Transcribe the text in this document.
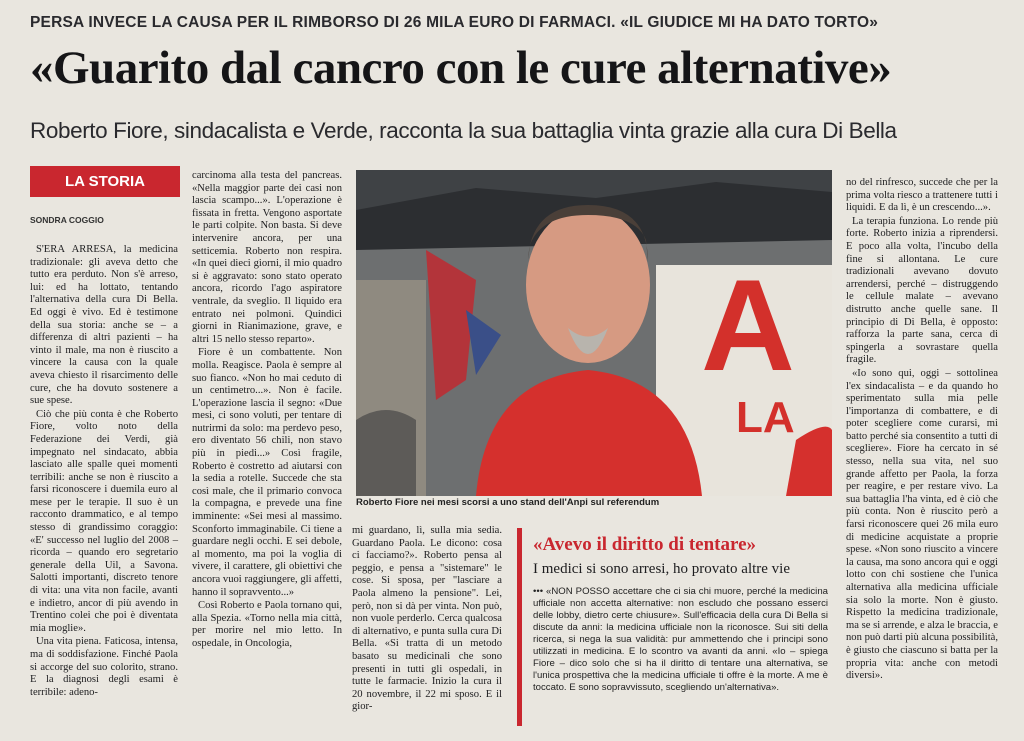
PERSA INVECE LA CAUSA PER IL RIMBORSO DI 26 MILA EURO DI FARMACI. «IL GIUDICE MI HA DATO TORTO»
«Guarito dal cancro con le cure alternative»
Roberto Fiore, sindacalista e Verde, racconta la sua battaglia vinta grazie alla cura Di Bella
LA STORIA
SONDRA COGGIO

S'ERA ARRESA, la medicina tradizionale: gli aveva detto che tutto era perduto. Non s'è arreso, lui: ed ha lottato, tentando l'alternativa della cura Di Bella. Ed oggi è vivo. Ed è testimone della sua storia: anche se – a differenza di altri pazienti – ha vinto il male, ma non è riuscito a vincere la causa con la quale aveva chiesto il risarcimento delle cure, che ha dovuto sostenere a sue spese.

Ciò che più conta è che Roberto Fiore, volto noto della Federazione dei Verdi, già impegnato nel sindacato, abbia lasciato alle spalle quei momenti terribili: anche se non è riuscito a farsi riconoscere i duemila euro al mese per le terapie. Il suo è un racconto drammatico, e al tempo stesso di grandissimo coraggio: «E' successo nel luglio del 2008 – ricorda – quando ero segretario generale della Uil, a Savona. Salotti importanti, discreto tenore di vita: una vita non facile, avanti e indietro, ancor di più avendo in Trentino colei che poi è diventata mia moglie».

Una vita piena. Faticosa, intensa, ma di soddisfazione. Finché Paola si accorge del suo colorito, strano. E la diagnosi degli esami è terribile: adeno-

carcinoma alla testa del pancreas. «Nella maggior parte dei casi non lascia scampo...». L'operazione è fissata in fretta. Vengono asportate le parti colpite. Non basta. Si deve intervenire ancora, per una setticemia. Roberto non respira. «In quei dieci giorni, il mio quadro si è aggravato: sono stato operato ancora, ricordo l'ago aspiratore ventrale, da sveglio. Il liquido era entrato nei polmoni. Quindici giorni in Rianimazione, grave, e altri 15 nello stesso reparto».

Fiore è un combattente. Non molla. Reagisce. Paola è sempre al suo fianco. «Non ho mai ceduto di un centimetro...». Non è facile. L'operazione lascia il segno: «Due mesi, ci sono voluti, per tentare di nutrirmi da solo: ma perdevo peso, ero diventato 56 chili, non stavo più in piedi...» Così fragile, Roberto è costretto ad aiutarsi con la sedia a rotelle. Succede che sta così male, che il primario convoca la compagna, e prevede una fine imminente: «Sei mesi al massimo. Sconforto immaginabile. Ci tiene a guardare negli occhi. E sei debole, al momento, ma poi la voglia di vivere, il carattere, gli obiettivi che ancora vuoi raggiungere, gli affetti, hanno il sopravvento...»

Così Roberto e Paola tornano qui, alla Spezia. «Torno nella mia città, per morire nel mio letto. In ospedale, in Oncologia,

A
LA
Roberto Fiore nei mesi scorsi a uno stand dell'Anpi sul referendum

mi guardano, lì, sulla mia sedia. Guardano Paola. Le dicono: cosa ci facciamo?». Roberto pensa al peggio, e pensa a "sistemare" le cose. Si sposa, per "lasciare a Paola almeno la pensione". Lei, però, non si dà per vinta. Non può, non vuole perderlo. Cerca qualcosa di alternativo, e punta sulla cura Di Bella. «Si tratta di un metodo basato su medicinali che sono presenti in tutti gli ospedali, in tutte le farmacie. Inizio la cura il 20 novembre, il 22 mi sposo. E il gior-

«Avevo il diritto di tentare»
I medici si sono arresi, ho provato altre vie
••• «NON POSSO accettare che ci sia chi muore, perché la medicina ufficiale non accetta alternative: non escludo che possano esserci delle lobby, dietro certe chiusure». Sull'efficacia della cura Di Bella si discute da anni: la medicina ufficiale non la riconosce. Sui siti della ricerca, si nega la sua validità: pur ammettendo che i principi sono utilizzati in medicina. E lo scontro va avanti da anni. «Io – spiega Fiore – dico solo che si ha il diritto di tentare una alternativa, se l'unica prospettiva che la medicina ufficiale ti offre è la morte. A me è toccato. E sono sopravvissuto, scegliendo un'alternativa».

no del rinfresco, succede che per la prima volta riesco a trattenere tutti i liquidi. E da lì, è un crescendo...».

La terapia funziona. Lo rende più forte. Roberto inizia a riprendersi. E poco alla volta, l'incubo della fine si allontana. Le cure tradizionali avevano dovuto arrendersi, perché – distruggendo le cellule malate – avevano distrutto anche quelle sane. Il principio di Di Bella, è opposto: rafforza la parte sana, cerca di spingerla a sovrastare quella fragile.

«Io sono qui, oggi – sottolinea l'ex sindacalista – e da quando ho sperimentato sulla mia pelle l'importanza di combattere, e di poter scegliere come curarsi, mi batto perché sia consentito a tutti di scegliere». Fiore ha cercato in sé stesso, nella sua vita, nel suo grande affetto per Paola, la forza per reagire, e per restare vivo. La sua battaglia l'ha vinta, ed è ciò che più conta. Non è riuscito però a farsi riconoscere quei 26 mila euro di medicine acquistate a proprie spese. «Non sono riuscito a vincere la causa, ma sono ancora qui e oggi lotto con chi sostiene che l'unica alternativa alla medicina ufficiale sia solo la morte. Non è giusto. Rispetto la medicina tradizionale, ma se si arrende, e alza le braccia, e non può darti più alcuna possibilità, è giusto che ciascuno si batta per la propria vita: anche con metodi diversi».
